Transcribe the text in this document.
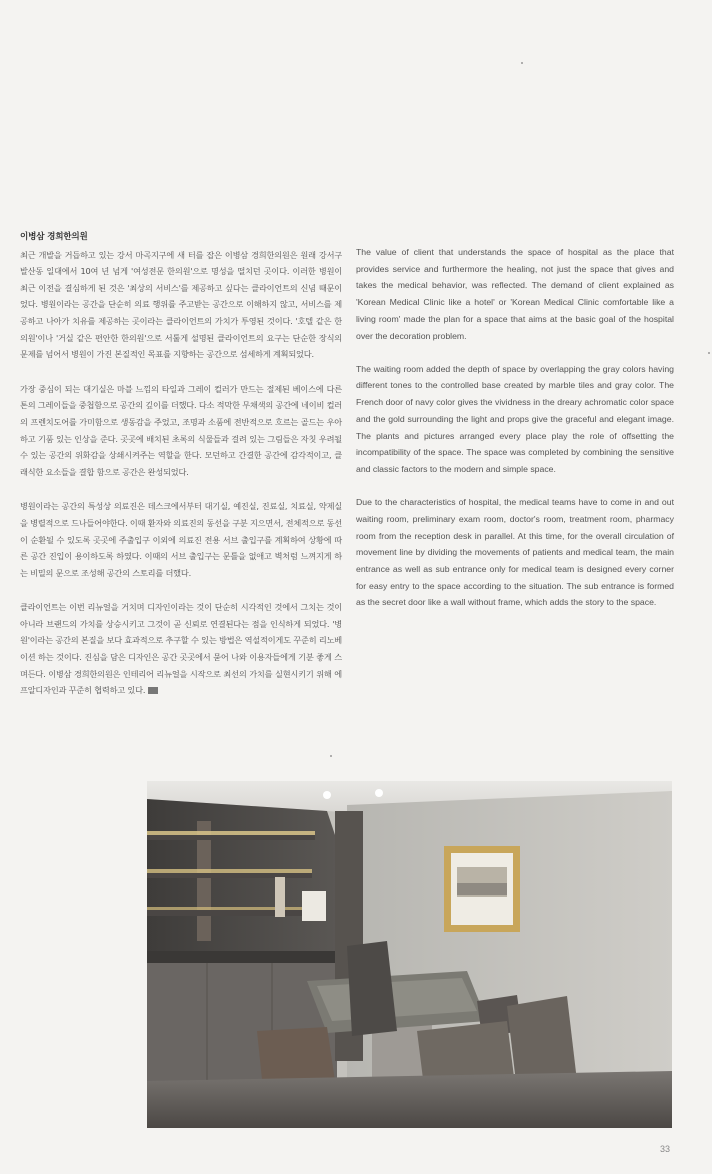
이병삼 경희한의원

최근 개발을 거듭하고 있는 강서 마곡지구에 새 터를 잡은 이병삼 경희한의원은 원래 강서구 발산동 일대에서 10여 년 넘게 '여성전문 한의원'으로 명성을 떨치던 곳이다. 이러한 병원이 최근 이전을 결심하게 된 것은 '최상의 서비스'를 제공하고 싶다는 클라이언트의 신념 때문이었다. 병원이라는 공간을 단순히 의료 행위를 주고받는 공간으로 이해하지 않고, 서비스를 제공하고 나아가 치유를 제공하는 곳이라는 클라이언트의 가치가 투영된 것이다. '호텔 같은 한의원'이나 '거실 같은 편안한 한의원'으로 서툴게 설명된 클라이언트의 요구는 단순한 장식의 문제를 넘어서 병원이 가진 본질적인 목표를 지향하는 공간으로 섬세하게 계획되었다.

가장 중심이 되는 대기실은 마블 느낌의 타일과 그레이 컬러가 만드는 절제된 베이스에 다른 톤의 그레이들을 중첩함으로 공간의 깊이를 더했다. 다소 적막한 무채색의 공간에 네이비 컬러의 프렌치도어를 가미함으로 생동감을 주었고, 조명과 소품에 전반적으로 흐르는 골드는 우아하고 기품 있는 인상을 준다. 곳곳에 배치된 초록의 식물들과 걸려 있는 그림들은 자칫 우려될 수 있는 공간의 위화감을 상쇄시켜주는 역할을 한다. 모던하고 간결한 공간에 감각적이고, 클래식한 요소들을 결합 함으로 공간은 완성되었다.

병원이라는 공간의 특성상 의료진은 데스크에서부터 대기실, 예진실, 진료실, 치료실, 약제실을 병렬적으로 드나들어야한다. 이때 환자와 의료진의 동선을 구분 지으면서, 전체적으로 동선이 순환될 수 있도록 곳곳에 주출입구 이외에 의료진 전용 서브 출입구를 계획하여 상황에 따른 공간 진입이 용이하도록 하였다. 이때의 서브 출입구는 문틀을 없애고 벽처럼 느껴지게 하는 비밀의 문으로 조성해 공간의 스토리를 더했다.

클라이언트는 이번 리뉴얼을 거치며 디자인이라는 것이 단순히 시각적인 것에서 그치는 것이 아니라 브랜드의 가치를 상승시키고 그것이 곧 신뢰로 연결된다는 점을 인식하게 되었다. '병원'이라는 공간의 본질을 보다 효과적으로 추구할 수 있는 방법은 역설적이게도 꾸준히 리노베이션 하는 것이다. 진심을 담은 디자인은 공간 곳곳에서 묻어 나와 이용자들에게 기분 좋게 스며든다. 이병삼 경희한의원은 인테리어 리뉴얼을 시작으로 최선의 가치를 실현시키기 위해 에프알디자인과 꾸준히 협력하고 있다.

The value of client that understands the space of hospital as the place that provides service and furthermore the healing, not just the space that gives and takes the medical behavior, was reflected. The demand of client explained as 'Korean Medical Clinic like a hotel' or 'Korean Medical Clinic comfortable like a living room' made the plan for a space that aims at the basic goal of the hospital over the decoration problem.

The waiting room added the depth of space by overlapping the gray colors having different tones to the controlled base created by marble tiles and gray color. The French door of navy color gives the vividness in the dreary achromatic color space and the gold surrounding the light and props give the graceful and elegant image. The plants and pictures arranged every place play the role of offsetting the incompatibility of the space. The space was completed by combining the sensitive and classic factors to the modern and simple space.

Due to the characteristics of hospital, the medical teams have to come in and out waiting room, preliminary exam room, doctor's room, treatment room, pharmacy room from the reception desk in parallel. At this time, for the overall circulation of movement line by dividing the movements of patients and medical team, the main entrance as well as sub entrance only for medical team is designed every corner for easy entry to the space according to the situation. The sub entrance is formed as the secret door like a wall without frame, which adds the story to the space.

33
